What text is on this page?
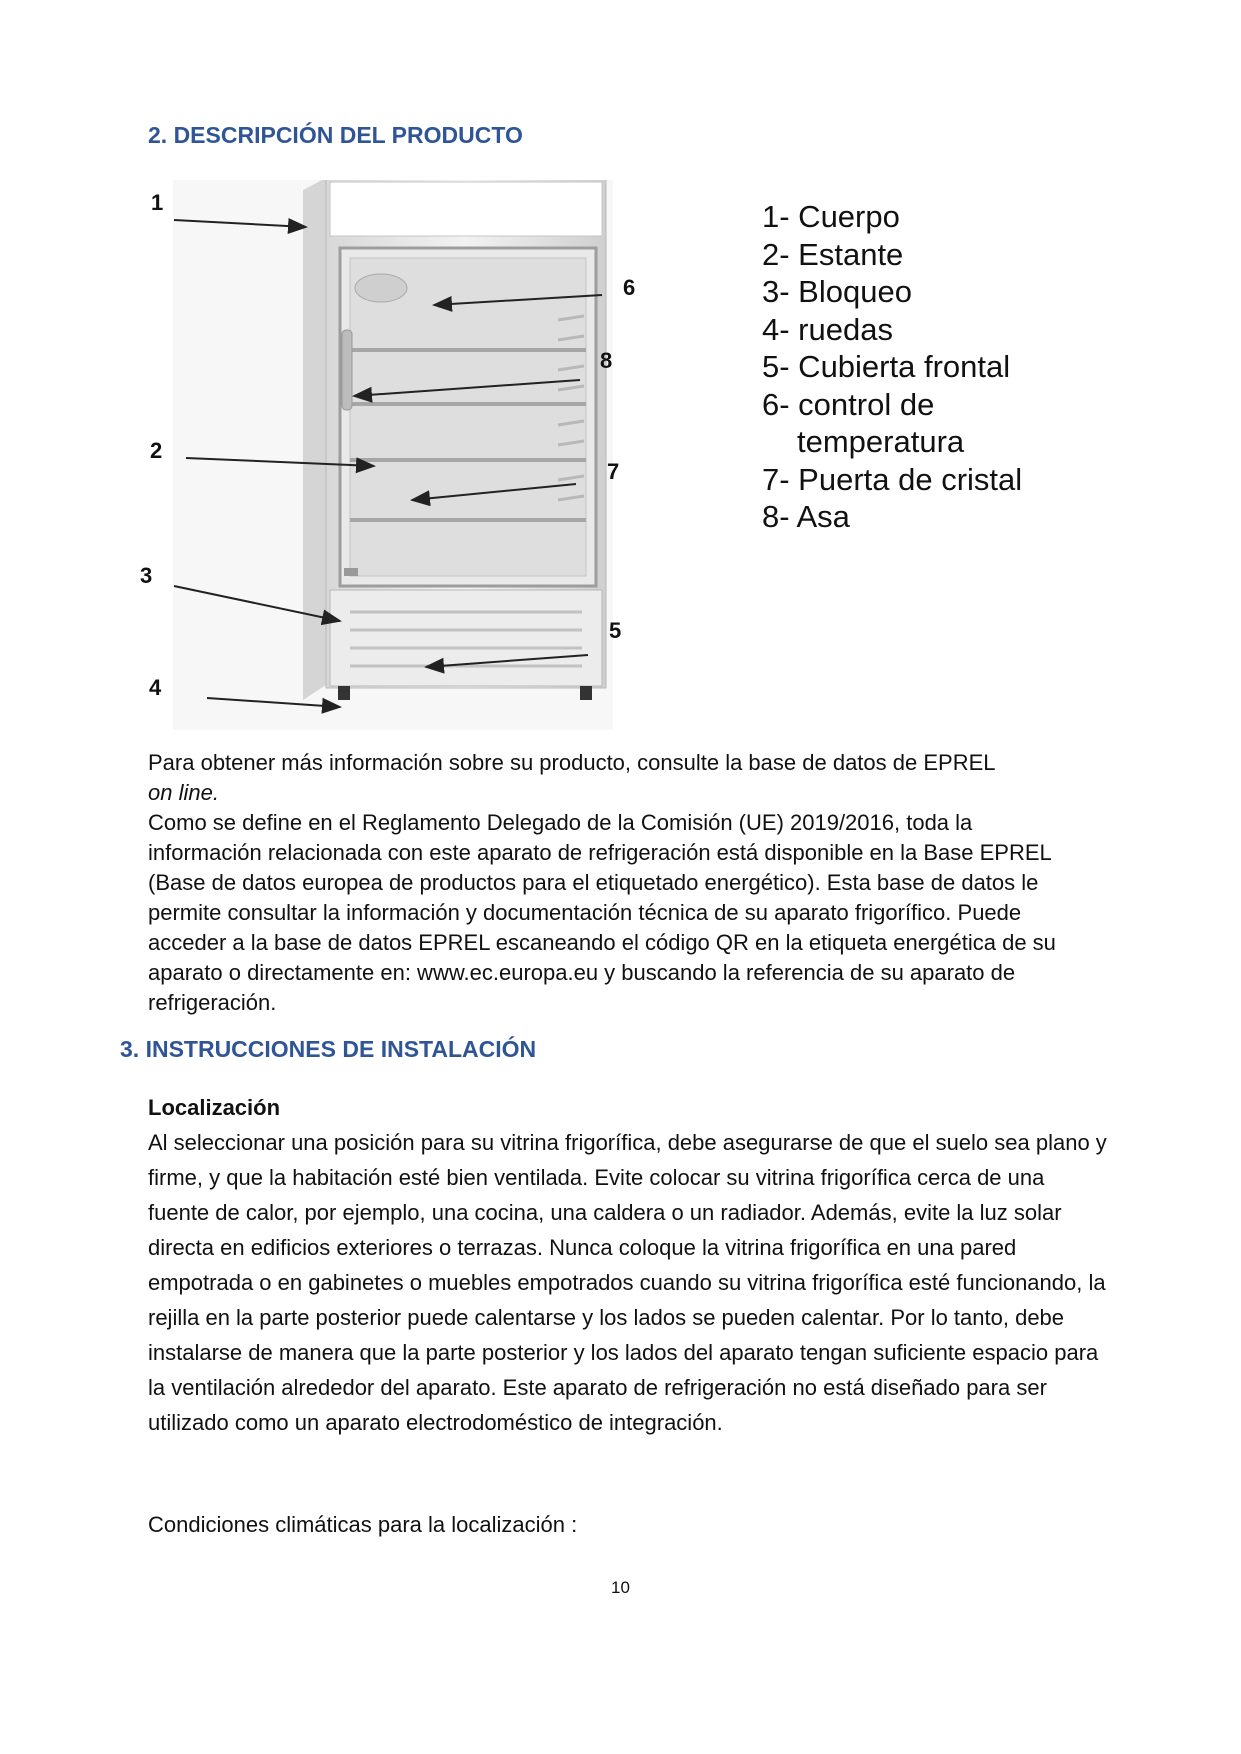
2. DESCRIPCIÓN DEL PRODUCTO
1
2
3
4
5
6
7
8
1- Cuerpo
2- Estante
3- Bloqueo
4- ruedas
5- Cubierta frontal
6- control de
temperatura
7- Puerta de cristal
8- Asa
Para obtener más información sobre su producto, consulte la base de datos de EPREL
on line.
Como se define en el Reglamento Delegado de la Comisión (UE) 2019/2016, toda la información relacionada con este aparato de refrigeración está disponible en la Base EPREL (Base de datos europea de productos para el etiquetado energético). Esta base de datos le permite consultar la información y documentación técnica de su aparato frigorífico. Puede acceder a la base de datos EPREL escaneando el código QR en la etiqueta energética de su aparato o directamente en: www.ec.europa.eu y buscando la referencia de su aparato de refrigeración.
3. INSTRUCCIONES DE INSTALACIÓN
Localización
Al seleccionar una posición para su vitrina frigorífica, debe asegurarse de que el suelo sea plano y firme, y que la habitación esté bien ventilada. Evite colocar su vitrina frigorífica cerca de una fuente de calor, por ejemplo, una cocina, una caldera o un radiador. Además, evite la luz solar directa en edificios exteriores o terrazas. Nunca coloque la vitrina frigorífica en una pared empotrada o en gabinetes o muebles empotrados cuando su vitrina frigorífica esté funcionando, la rejilla en la parte posterior puede calentarse y los lados se pueden calentar. Por lo tanto, debe instalarse de manera que la parte posterior y los lados del aparato tengan suficiente espacio para la ventilación alrededor del aparato. Este aparato de refrigeración no está diseñado para ser utilizado como un aparato electrodoméstico de integración.
Condiciones climáticas para la localización :
10
